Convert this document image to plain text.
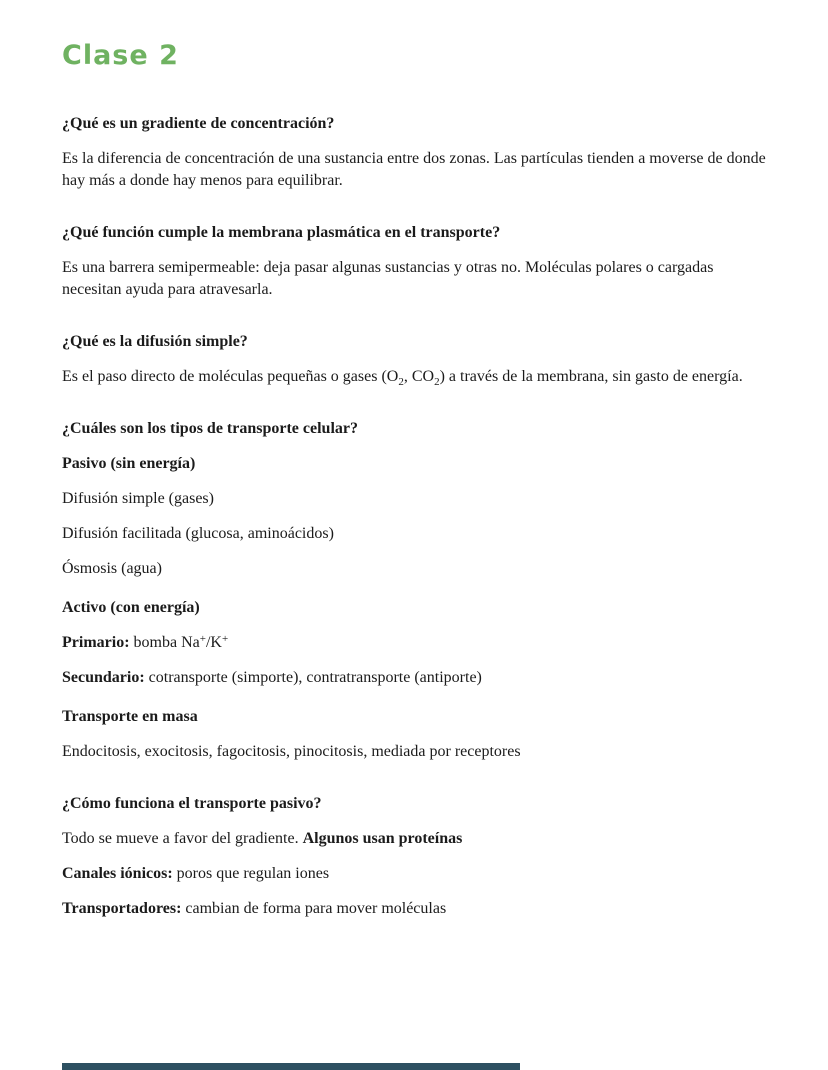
Clase 2
¿Qué es un gradiente de concentración?

Es la diferencia de concentración de una sustancia entre dos zonas. Las partículas tienden a moverse de donde hay más a donde hay menos para equilibrar.

¿Qué función cumple la membrana plasmática en el transporte?

Es una barrera semipermeable: deja pasar algunas sustancias y otras no. Moléculas polares o cargadas necesitan ayuda para atravesarla.

¿Qué es la difusión simple?

Es el paso directo de moléculas pequeñas o gases ($O_2$, $CO_2$) a través de la membrana, sin gasto de energía.

¿Cuáles son los tipos de transporte celular?

Pasivo (sin energía)

Difusión simple (gases)

Difusión facilitada (glucosa, aminoácidos)

Ósmosis (agua)

Activo (con energía)

Primario: bomba Na+/K+

Secundario: cotransporte (simporte), contratransporte (antiporte)

Transporte en masa

Endocitosis, exocitosis, fagocitosis, pinocitosis, mediada por receptores

¿Cómo funciona el transporte pasivo?

Todo se mueve a favor del gradiente. Algunos usan proteínas

Canales iónicos: poros que regulan iones

Transportadores: cambian de forma para mover moléculas
